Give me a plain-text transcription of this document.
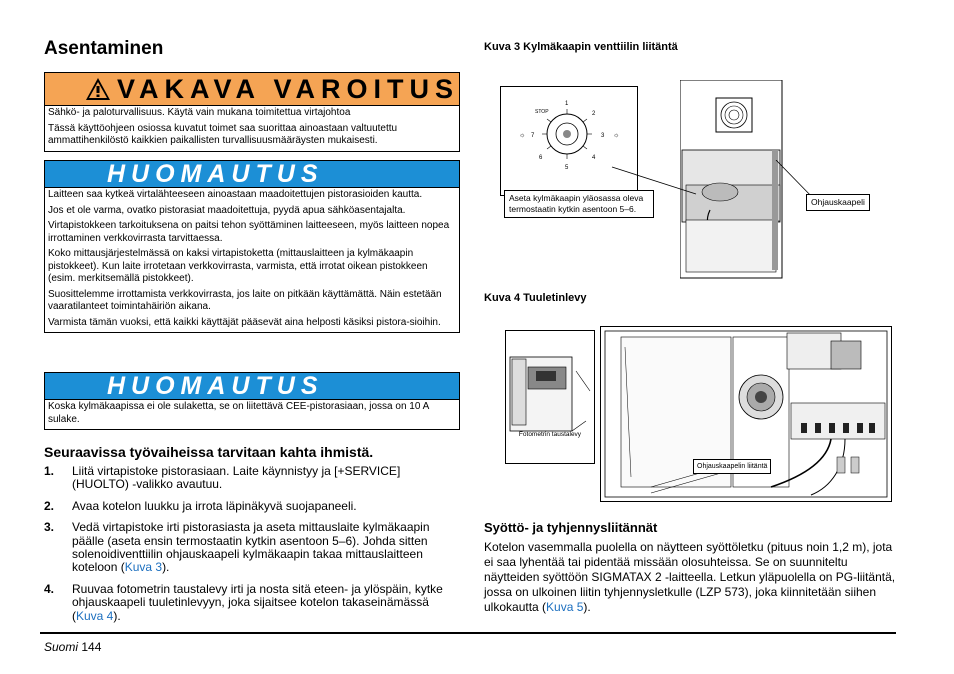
Asentaminen
VAKAVA VAROITUS

Sähkö- ja paloturvallisuus. Käytä vain mukana toimitettua virtajohtoa

Tässä käyttöohjeen osiossa kuvatut toimet saa suorittaa ainoastaan valtuutettu ammattihenkilöstö kaikkien paikallisten turvallisuusmääräysten mukaisesti.

HUOMAUTUS

Laitteen saa kytkeä virtalähteeseen ainoastaan maadoitettujen pistorasioiden kautta.

Jos et ole varma, ovatko pistorasiat maadoitettuja, pyydä apua sähköasentajalta.

Virtapistokkeen tarkoituksena on paitsi tehon syöttäminen laitteeseen, myös laitteen nopea irrottaminen verkkovirrasta tarvittaessa.

Koko mittausjärjestelmässä on kaksi virtapistoketta (mittauslaitteen ja kylmäkaapin pistokkeet). Kun laite irrotetaan verkkovirrasta, varmista, että irrotat oikean pistokkeen (esim. merkitsemällä pistokkeet).

Suosittelemme irrottamista verkkovirrasta, jos laite on pitkään käyttämättä. Näin estetään vaaratilanteet toimintahäiriön aikana.

Varmista tämän vuoksi, että kaikki käyttäjät pääsevät aina helposti käsiksi pistora-sioihin.

HUOMAUTUS

Koska kylmäkaapissa ei ole sulaketta, se on liitettävä CEE-pistorasiaan, jossa on 10 A sulake.

Seuraavissa työvaiheissa tarvitaan kahta ihmistä.
1. Liitä virtapistoke pistorasiaan. Laite käynnistyy ja [+SERVICE] (HUOLTO) -valikko avautuu.
2. Avaa kotelon luukku ja irrota läpinäkyvä suojapaneeli.
3. Vedä virtapistoke irti pistorasiasta ja aseta mittauslaite kylmäkaapin päälle (aseta ensin termostaatin kytkin asentoon 5–6). Johda sitten solenoidiventtiilin ohjauskaapeli kylmäkaapin takaa mittauslaitteen koteloon (Kuva 3).
4. Ruuvaa fotometrin taustalevy irti ja nosta sitä eteen- ja ylöspäin, kytke ohjauskaapeli tuuletinlevyyn, joka sijaitsee kotelon takaseinämässä (Kuva 4).
Kuva 3 Kylmäkaapin venttiilin liitäntä
1
2
3
4
5
6
7
STOP
☼	☼
Aseta kylmäkaapin yläosassa oleva termostaatin kytkin asentoon 5–6.
Ohjauskaapeli
Kuva 4 Tuuletinlevy
Fotometrin taustalevy
Ohjauskaapelin liitäntä
Syöttö- ja tyhjennysliitännät
Kotelon vasemmalla puolella on näytteen syöttöletku (pituus noin 1,2 m), jota ei saa lyhentää tai pidentää missään olosuhteissa. Se on suunniteltu näytteiden syöttöön SIGMATAX 2 -laitteella. Letkun yläpuolella on PG-liitäntä, jossa on ulkoinen liitin tyhjennysletkulle (LZP 573), joka kiinnitetään siihen ulkokautta (Kuva 5).
Suomi 144
